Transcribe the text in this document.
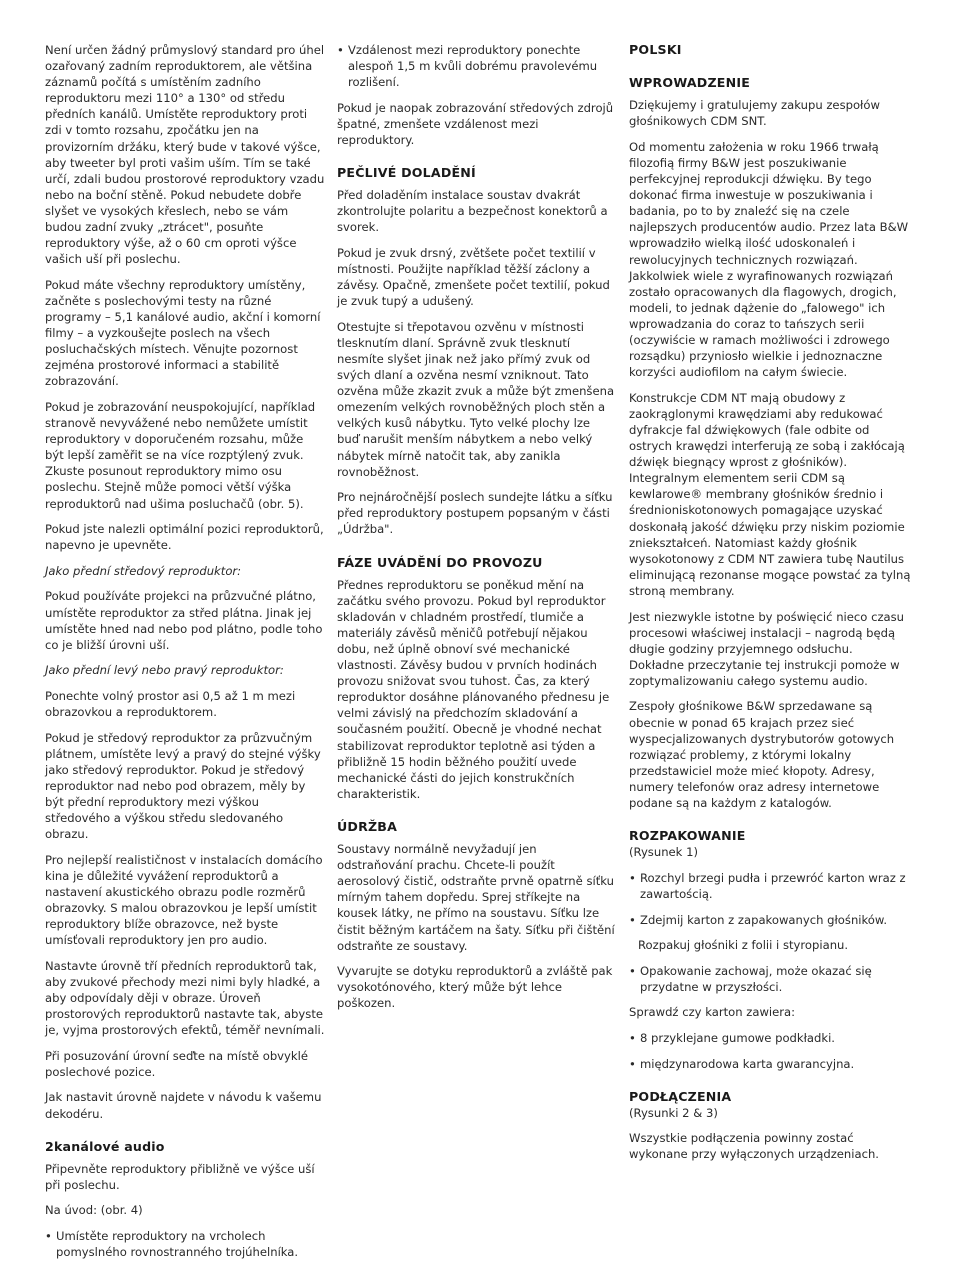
Není určen žádný průmyslový standard pro úhel ozařovaný zadním reproduktorem, ale většina záznamů počítá s umístěním zadního reproduktoru mezi 110° a 130° od středu předních kanálů. Umístěte reproduktory proti zdi v tomto rozsahu, zpočátku jen na provizorním držáku, který bude v takové výšce, aby tweeter byl proti vašim uším. Tím se také určí, zdali budou prostorové reproduktory vzadu nebo na boční stěně. Pokud nebudete dobře slyšet ve vysokých křeslech, nebo se vám budou zadní zvuky „ztrácet", posuňte reproduktory výše, až o 60 cm oproti výšce vašich uší při poslechu.

Pokud máte všechny reproduktory umístěny, začněte s poslechovými testy na různé programy – 5,1 kanálové audio, akční i komorní filmy – a vyzkoušejte poslech na všech posluchačských místech. Věnujte pozornost zejména prostorové informaci a stabilitě zobrazování.

Pokud je zobrazování neuspokojující, například stranově nevyvážené nebo nemůžete umístit reproduktory v doporučeném rozsahu, může být lepší zaměřit se na více rozptýlený zvuk. Zkuste posunout reproduktory mimo osu poslechu. Stejně může pomoci větší výška reproduktorů nad ušima posluchačů (obr. 5).

Pokud jste nalezli optimální pozici reproduktorů, napevno je upevněte.

Jako přední středový reproduktor:

Pokud používáte projekci na průzvučné plátno, umístěte reproduktor za střed plátna. Jinak jej umístěte hned nad nebo pod plátno, podle toho co je bližší úrovni uší.

Jako přední levý nebo pravý reproduktor:

Ponechte volný prostor asi 0,5 až 1 m mezi obrazovkou a reproduktorem.

Pokud je středový reproduktor za průzvučným plátnem, umístěte levý a pravý do stejné výšky jako středový reproduktor. Pokud je středový reproduktor nad nebo pod obrazem, měly by být přední reproduktory mezi výškou středového a výškou středu sledovaného obrazu.

Pro nejlepší realističnost v instalacích domácího kina je důležité vyvážení reproduktorů a nastavení akustického obrazu podle rozměrů obrazovky. S malou obrazovkou je lepší umístit reproduktory blíže obrazovce, než byste umísťovali reproduktory jen pro audio.

Nastavte úrovně tří předních reproduktorů tak, aby zvukové přechody mezi nimi byly hladké, a aby odpovídaly ději v obraze. Úroveň prostorových reproduktorů nastavte tak, abyste je, vyjma prostorových efektů, téměř nevnímali.

Při posuzování úrovní seďte na místě obvyklé poslechové pozice.

Jak nastavit úrovně najdete v návodu k vašemu dekodéru.

2kanálové audio

Připevněte reproduktory přibližně ve výšce uší při poslechu.

Na úvod: (obr. 4)

• Umístěte reproduktory na vrcholech pomyslného rovnostranného trojúhelníka.
• Vzdálenost mezi reproduktory ponechte alespoň 1,5 m kvůli dobrému pravolevému rozlišení.

Pokud je naopak zobrazování středových zdrojů špatné, zmenšete vzdálenost mezi reproduktory.

PEČLIVÉ DOLADĚNÍ

Před doladěním instalace soustav dvakrát zkontrolujte polaritu a bezpečnost konektorů a svorek.

Pokud je zvuk drsný, zvětšete počet textilií v místnosti. Použijte například těžší záclony a závěsy. Opačně, zmenšete počet textilií, pokud je zvuk tupý a udušený.

Otestujte si třepotavou ozvěnu v místnosti tlesknutím dlaní. Správně zvuk tlesknutí nesmíte slyšet jinak než jako přímý zvuk od svých dlaní a ozvěna nesmí vzniknout. Tato ozvěna může zkazit zvuk a může být zmenšena omezením velkých rovnoběžných ploch stěn a velkých kusů nábytku. Tyto velké plochy lze buď narušit menším nábytkem a nebo velký nábytek mírně natočit tak, aby zanikla rovnoběžnost.

Pro nejnáročnější poslech sundejte látku a síťku před reproduktory postupem popsaným v části „Údržba".

FÁZE UVÁDĚNÍ DO PROVOZU

Přednes reproduktoru se poněkud mění na začátku svého provozu. Pokud byl reproduktor skladován v chladném prostředí, tlumiče a materiály závěsů měničů potřebují nějakou dobu, než úplně obnoví své mechanické vlastnosti. Závěsy budou v prvních hodinách provozu snižovat svou tuhost. Čas, za který reproduktor dosáhne plánovaného přednesu je velmi závislý na předchozím skladování a současném použití. Obecně je vhodné nechat stabilizovat reproduktor teplotně asi týden a přibližně 15 hodin běžného použití uvede mechanické části do jejich konstrukčních charakteristik.

ÚDRŽBA

Soustavy normálně nevyžadují jen odstraňování prachu. Chcete-li použít aerosolový čistič, odstraňte prvně opatrně síťku mírným tahem dopředu. Sprej stříkejte na kousek látky, ne přímo na soustavu. Síťku lze čistit běžným kartáčem na šaty. Síťku při čištění odstraňte ze soustavy.

Vyvarujte se dotyku reproduktorů a zvláště pak vysokotónového, který může být lehce poškozen.

POLSKI
WPROWADZENIE

Dziękujemy i gratulujemy zakupu zespołów głośnikowych CDM SNT.

Od momentu założenia w roku 1966 trwałą filozofią firmy B&W jest poszukiwanie perfekcyjnej reprodukcji dźwięku. By tego dokonać firma inwestuje w poszukiwania i badania, po to by znaleźć się na czele najlepszych producentów audio. Przez lata B&W wprowadziło wielką ilość udoskonaleń i rewolucyjnych technicznych rozwiązań. Jakkolwiek wiele z wyrafinowanych rozwiązań zostało opracowanych dla flagowych, drogich, modeli, to jednak dążenie do „falowego" ich wprowadzania do coraz to tańszych serii (oczywiście w ramach możliwości i zdrowego rozsądku) przyniosło wielkie i jednoznaczne korzyści audiofilom na całym świecie.

Konstrukcje CDM NT mają obudowy z zaokrąglonymi krawędziami aby redukować dyfrakcje fal dźwiękowych (fale odbite od ostrych krawędzi interferują ze sobą i zakłócają dźwięk biegnący wprost z głośników). Integralnym elementem serii CDM są kewlarowe® membrany głośników średnio i średnioniskotonowych pomagające uzyskać doskonałą jakość dźwięku przy niskim poziomie zniekształceń. Natomiast każdy głośnik wysokotonowy z CDM NT zawiera tubę Nautilus eliminującą rezonanse mogące powstać za tylną stroną membrany.

Jest niezwykle istotne by poświęcić nieco czasu procesowi właściwej instalacji – nagrodą będą długie godziny przyjemnego odsłuchu. Dokładne przeczytanie tej instrukcji pomoże w zoptymalizowaniu całego systemu audio.

Zespoły głośnikowe B&W sprzedawane są obecnie w ponad 65 krajach przez sieć wyspecjalizowanych dystrybutorów gotowych rozwiązać problemy, z którymi lokalny przedstawiciel może mieć kłopoty. Adresy, numery telefonów oraz adresy internetowe podane są na każdym z katalogów.

ROZPAKOWANIE

(Rysunek 1)

• Rozchyl brzegi pudła i przewróć karton wraz z zawartością.
• Zdejmij karton z zapakowanych głośników.

Rozpakuj głośniki z folii i styropianu.

• Opakowanie zachowaj, może okazać się przydatne w przyszłości.

Sprawdź czy karton zawiera:

• 8 przyklejane gumowe podkładki.
• międzynarodowa karta gwarancyjna.
PODŁĄCZENIA

(Rysunki 2 & 3)

Wszystkie podłączenia powinny zostać wykonane przy wyłączonych urządzeniach.
